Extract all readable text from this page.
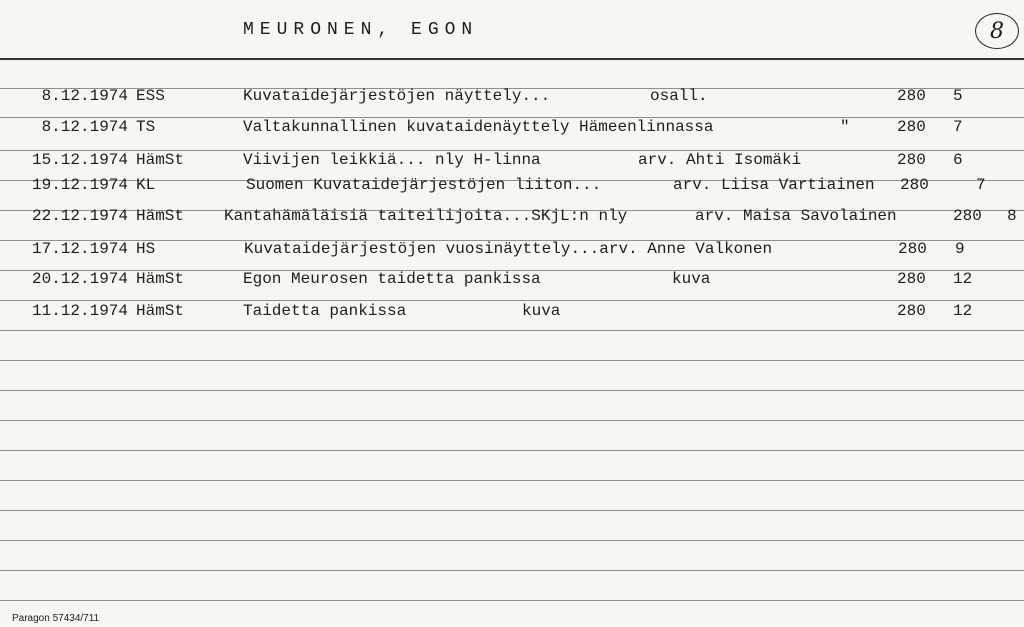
MEURONEN, EGON	8
8.12.1974 ESS	Kuvataidejärjestöjen näyttely...	osall.	280 5
8.12.1974 TS	Valtakunnallinen kuvataidenäyttely Hämeenlinnassa	"	280 7
15.12.1974 HämSt	Viivijen leikkiä... nly H-linna	arv. Ahti Isomäki	280 6
19.12.1974 KL	Suomen Kuvataidejärjestöjen liiton...	arv. Liisa Vartiainen 280	7
22.12.1974 HämSt Kantahämäläisiä taiteilijoita...SKjL:n nly	arv. Maisa Savolainen	280 8
17.12.1974 HS	Kuvataidejärjestöjen vuosinäyttely...arv. Anne Valkonen	280 9
20.12.1974 HämSt	Egon Meurosen taidetta pankissa	kuva	280 12
11.12.1974 HämSt	Taidetta pankissa	kuva	280 12
Paragon 57434/711
